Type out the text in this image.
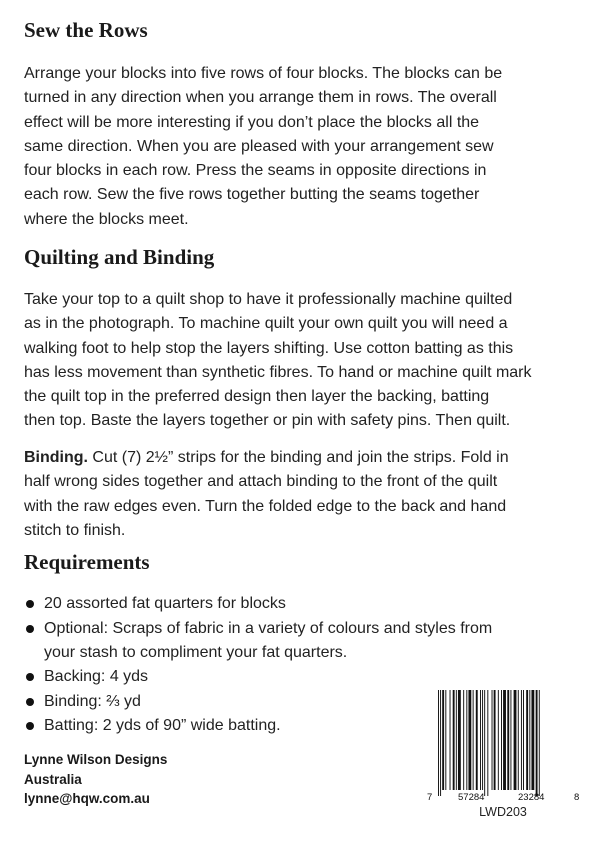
Sew the Rows
Arrange your blocks into five rows of four blocks. The blocks can be
turned in any direction when you arrange them in rows. The overall
effect will be more interesting if you don’t place the blocks all the
same direction. When you are pleased with your arrangement sew
four blocks in each row. Press the seams in opposite directions in
each row. Sew the five rows together butting the seams together
where the blocks meet.
Quilting and Binding
Take your top to a quilt shop to have it professionally machine quilted
as in the photograph. To machine quilt your own quilt you will need a
walking foot to help stop the layers shifting. Use cotton batting as this
has less movement than synthetic fibres. To hand or machine quilt mark
the quilt top in the preferred design then layer the backing, batting
then top. Baste the layers together or pin with safety pins. Then quilt.
Binding. Cut (7) 2½” strips for the binding and join the strips. Fold in
half wrong sides together and attach binding to the front of the quilt
with the raw edges even. Turn the folded edge to the back and hand
stitch to finish.
Requirements
20 assorted fat quarters for blocks
Optional: Scraps of fabric in a variety of colours and styles from
your stash to compliment your fat quarters.
Backing: 4 yds
Binding: ⅔ yd
Batting: 2 yds of 90” wide batting.
Lynne Wilson Designs
Australia
lynne@hqw.com.au	7	57284	23284	8
LWD203
